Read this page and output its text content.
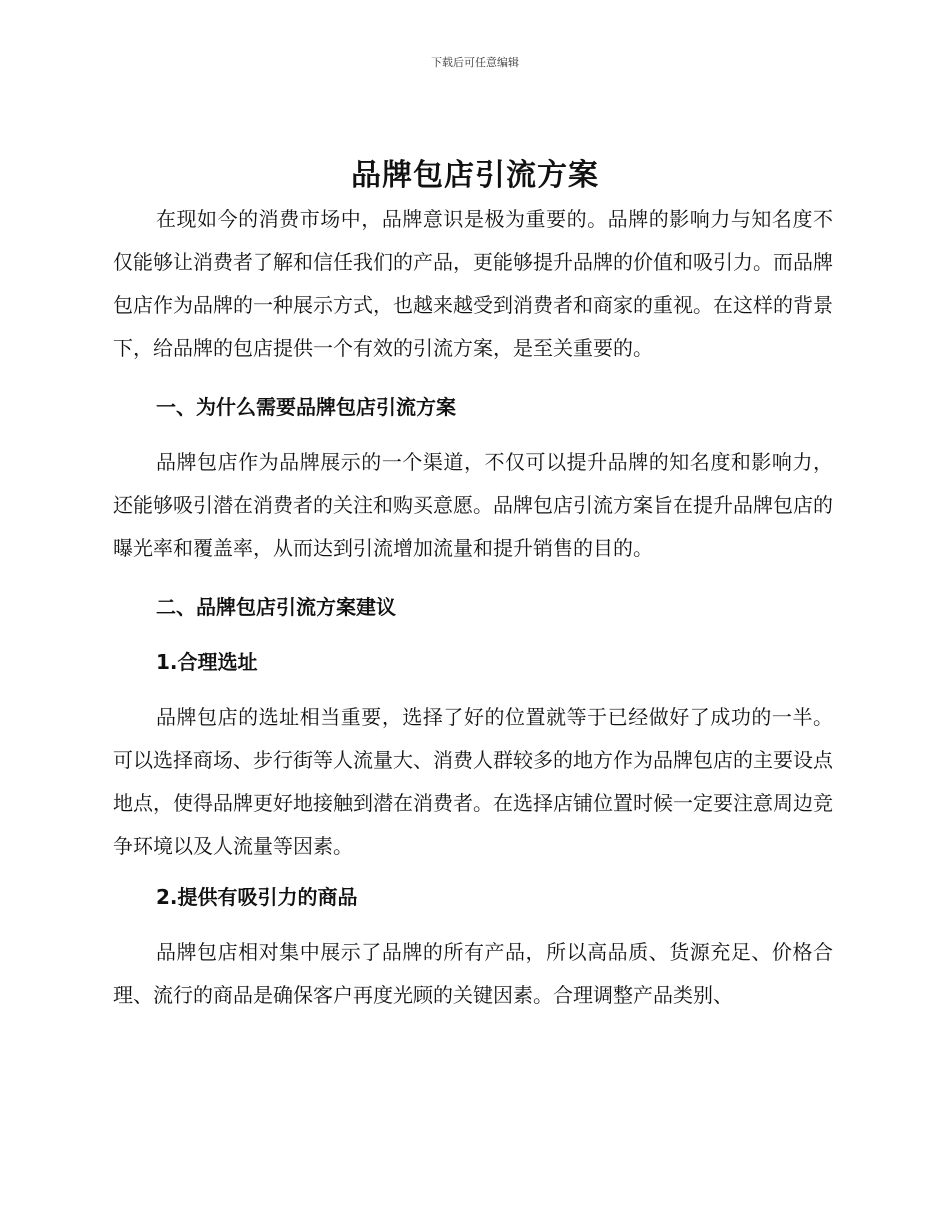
下载后可任意编辑
品牌包店引流方案

在现如今的消费市场中，品牌意识是极为重要的。品牌的影响力与知名度不仅能够让消费者了解和信任我们的产品，更能够提升品牌的价值和吸引力。而品牌包店作为品牌的一种展示方式，也越来越受到消费者和商家的重视。在这样的背景下，给品牌的包店提供一个有效的引流方案，是至关重要的。

一、为什么需要品牌包店引流方案

品牌包店作为品牌展示的一个渠道，不仅可以提升品牌的知名度和影响力，还能够吸引潜在消费者的关注和购买意愿。品牌包店引流方案旨在提升品牌包店的曝光率和覆盖率，从而达到引流增加流量和提升销售的目的。

二、品牌包店引流方案建议
1.合理选址

品牌包店的选址相当重要，选择了好的位置就等于已经做好了成功的一半。可以选择商场、步行街等人流量大、消费人群较多的地方作为品牌包店的主要设点地点，使得品牌更好地接触到潜在消费者。在选择店铺位置时候一定要注意周边竞争环境以及人流量等因素。

2.提供有吸引力的商品

品牌包店相对集中展示了品牌的所有产品，所以高品质、货源充足、价格合理、流行的商品是确保客户再度光顾的关键因素。合理调整产品类别、
